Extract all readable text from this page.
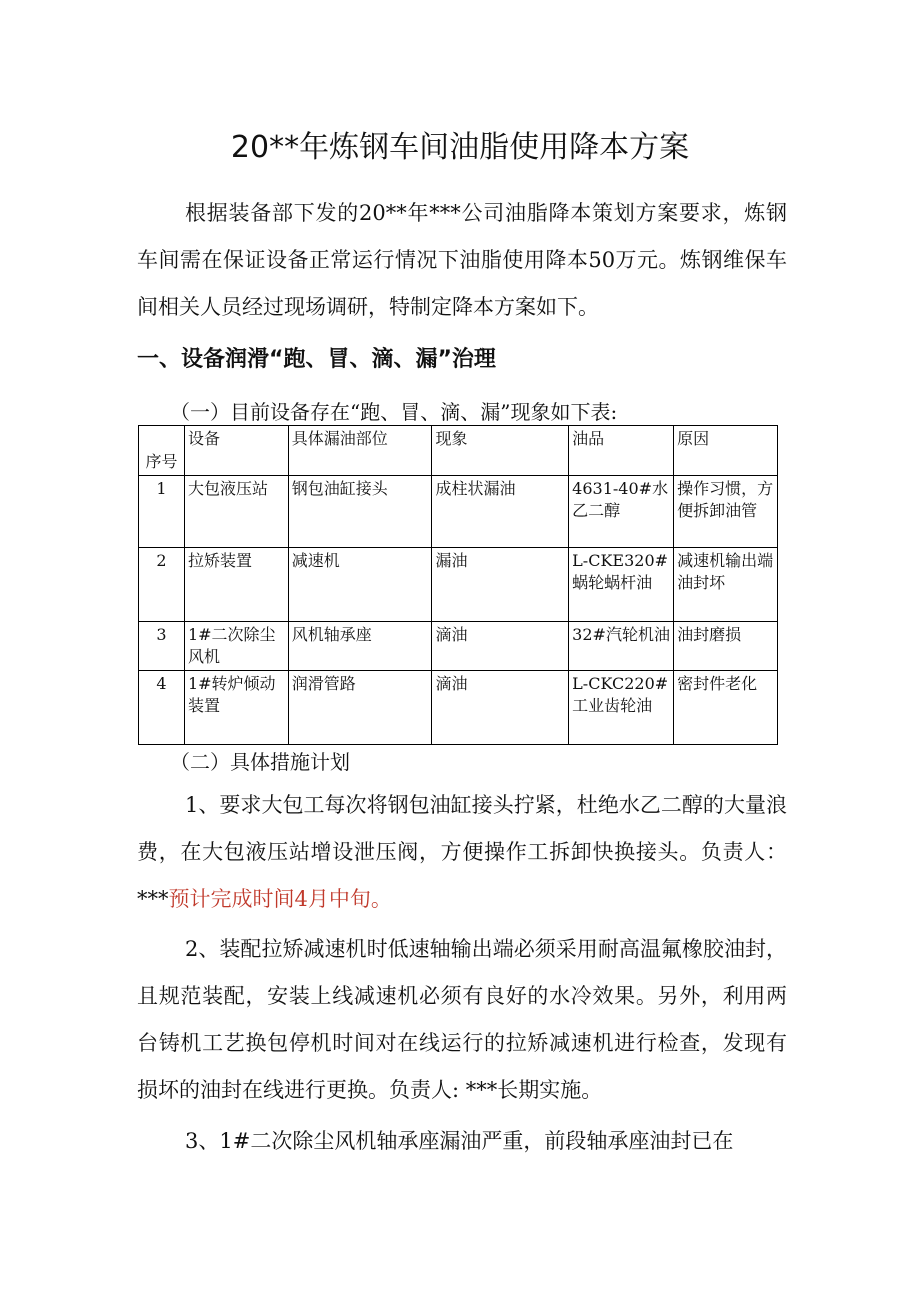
20**年炼钢车间油脂使用降本方案
根据装备部下发的20**年***公司油脂降本策划方案要求，炼钢车间需在保证设备正常运行情况下油脂使用降本50万元。炼钢维保车间相关人员经过现场调研，特制定降本方案如下。
一、设备润滑“跑、冒、滴、漏”治理
（一）目前设备存在“跑、冒、滴、漏”现象如下表:
序号	设备	具体漏油部位	现象	油品	原因
1	大包液压站	钢包油缸接头	成柱状漏油	4631-40#水乙二醇	操作习惯，方便拆卸油管
2	拉矫装置	减速机	漏油	L-CKE320#蜗轮蜗杆油	减速机输出端油封坏
3	1#二次除尘风机	风机轴承座	滴油	32#汽轮机油	油封磨损
4	1#转炉倾动装置	润滑管路	滴油	L-CKC220#工业齿轮油	密封件老化
（二）具体措施计划
1、要求大包工每次将钢包油缸接头拧紧，杜绝水乙二醇的大量浪费，在大包液压站增设泄压阀，方便操作工拆卸快换接头。负责人：***预计完成时间4月中旬。
2、装配拉矫减速机时低速轴输出端必须采用耐高温氟橡胶油封，且规范装配，安装上线减速机必须有良好的水冷效果。另外，利用两台铸机工艺换包停机时间对在线运行的拉矫减速机进行检查，发现有损坏的油封在线进行更换。负责人: ***长期实施。
3、1#二次除尘风机轴承座漏油严重，前段轴承座油封已在
